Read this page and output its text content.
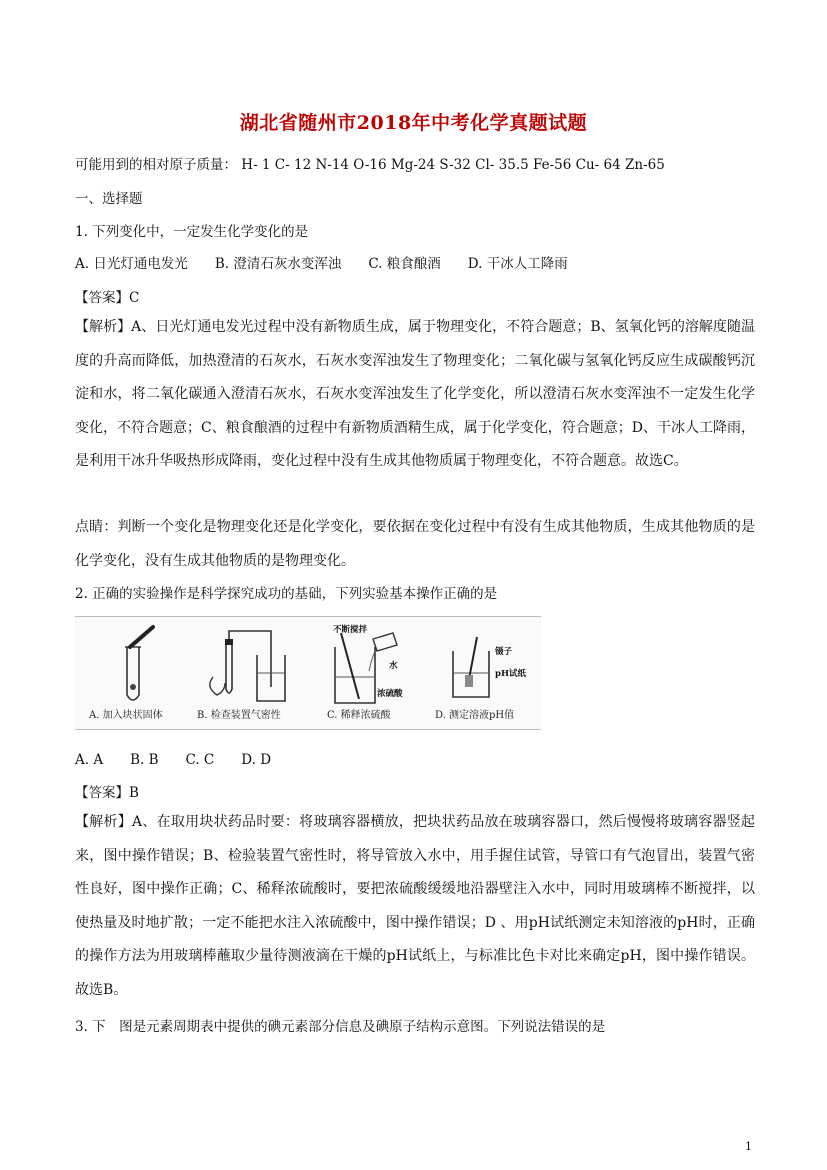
湖北省随州市2018年中考化学真题试题
可能用到的相对原子质量： H- 1 C- 12 N-14 O-16 Mg-24 S-32 Cl- 35.5 Fe-56 Cu- 64 Zn-65
一、选择题
1. 下列变化中，一定发生化学变化的是
A. 日光灯通电发光　　B. 澄清石灰水变浑浊　　C. 粮食酿酒　　D. 干冰人工降雨
【答案】C
【解析】A、日光灯通电发光过程中没有新物质生成，属于物理变化，不符合题意；B、氢氧化钙的溶解度随温度的升高而降低，加热澄清的石灰水，石灰水变浑浊发生了物理变化；二氧化碳与氢氧化钙反应生成碳酸钙沉淀和水，将二氧化碳通入澄清石灰水，石灰水变浑浊发生了化学变化，所以澄清石灰水变浑浊不一定发生化学变化，不符合题意；C、粮食酿酒的过程中有新物质酒精生成，属于化学变化，符合题意；D、干冰人工降雨，是利用干冰升华吸热形成降雨，变化过程中没有生成其他物质属于物理变化，不符合题意。故选C。
点睛：判断一个变化是物理变化还是化学变化，要依据在变化过程中有没有生成其他物质，生成其他物质的是化学变化，没有生成其他物质的是物理变化。
2. 正确的实验操作是科学探究成功的基础，下列实验基本操作正确的是
A. 加入块状固体	B. 检查装置气密性
不断搅拌
水
浓硫酸
C. 稀释浓硫酸
镊子
pH试纸
D. 测定溶液pH值
A. A　　B. B　　C. C　　D. D
【答案】B
【解析】A、在取用块状药品时要：将玻璃容器横放，把块状药品放在玻璃容器口，然后慢慢将玻璃容器竖起来，图中操作错误；B、检验装置气密性时，将导管放入水中，用手握住试管，导管口有气泡冒出，装置气密性良好，图中操作正确；C、稀释浓硫酸时，要把浓硫酸缓缓地沿器壁注入水中，同时用玻璃棒不断搅拌，以使热量及时地扩散；一定不能把水注入浓硫酸中，图中操作错误；D 、用pH试纸测定未知溶液的pH时，正确的操作方法为用玻璃棒蘸取少量待测液滴在干燥的pH试纸上，与标准比色卡对比来确定pH，图中操作错误。故选B。
3. 下　图是元素周期表中提供的碘元素部分信息及碘原子结构示意图。下列说法错误的是
1
